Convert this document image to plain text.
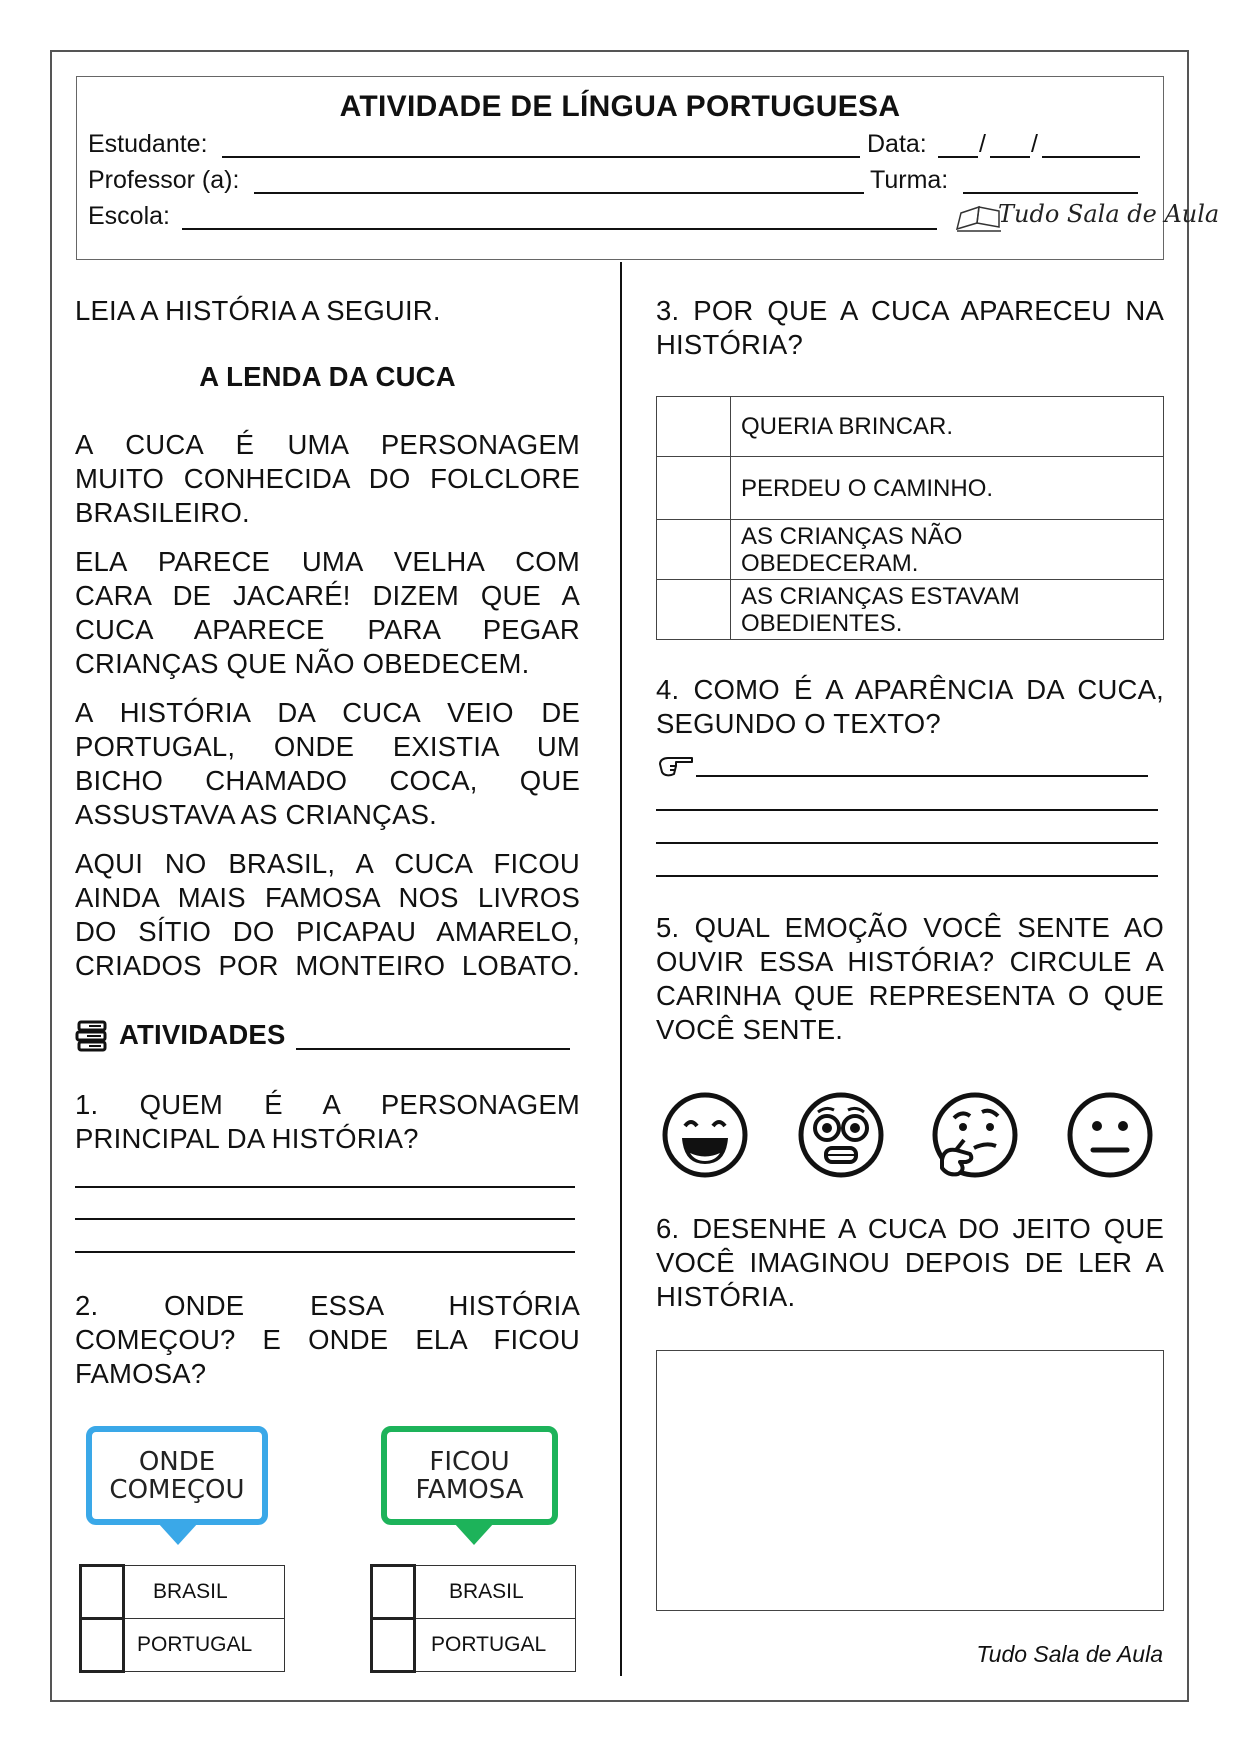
ATIVIDADE DE LÍNGUA PORTUGUESA
Estudante:	Data: / /
Professor (a):	Turma:
Escola:	Tudo Sala de Aula
LEIA A HISTÓRIA A SEGUIR.
A LENDA DA CUCA
A CUCA É UMA PERSONAGEM
MUITO CONHECIDA DO FOLCLORE
BRASILEIRO.
ELA PARECE UMA VELHA COM
CARA DE JACARÉ! DIZEM QUE A
CUCA APARECE PARA PEGAR
CRIANÇAS QUE NÃO OBEDECEM.
A HISTÓRIA DA CUCA VEIO DE
PORTUGAL, ONDE EXISTIA UM
BICHO CHAMADO COCA, QUE
ASSUSTAVA AS CRIANÇAS.
AQUI NO BRASIL, A CUCA FICOU
AINDA MAIS FAMOSA NOS LIVROS
DO SÍTIO DO PICAPAU AMARELO,
CRIADOS POR MONTEIRO LOBATO.
ATIVIDADES
1. QUEM É A PERSONAGEM
PRINCIPAL DA HISTÓRIA?
2. ONDE ESSA HISTÓRIA
COMEÇOU? E ONDE ELA FICOU
FAMOSA?
ONDE
COMEÇOU
FICOU
FAMOSA
	BRASIL
	PORTUGAL
	BRASIL
	PORTUGAL
3. POR QUE A CUCA APARECEU NA
HISTÓRIA?

	QUERIA BRINCAR.

	PERDEU O CAMINHO.

	AS CRIANÇAS NÃO
OBEDECERAM.

	AS CRIANÇAS ESTAVAM
OBEDIENTES.
4. COMO É A APARÊNCIA DA CUCA,
SEGUNDO O TEXTO?
5. QUAL EMOÇÃO VOCÊ SENTE AO
OUVIR ESSA HISTÓRIA? CIRCULE A
CARINHA QUE REPRESENTA O QUE
VOCÊ SENTE.
6. DESENHE A CUCA DO JEITO QUE
VOCÊ IMAGINOU DEPOIS DE LER A
HISTÓRIA.
Tudo Sala de Aula
